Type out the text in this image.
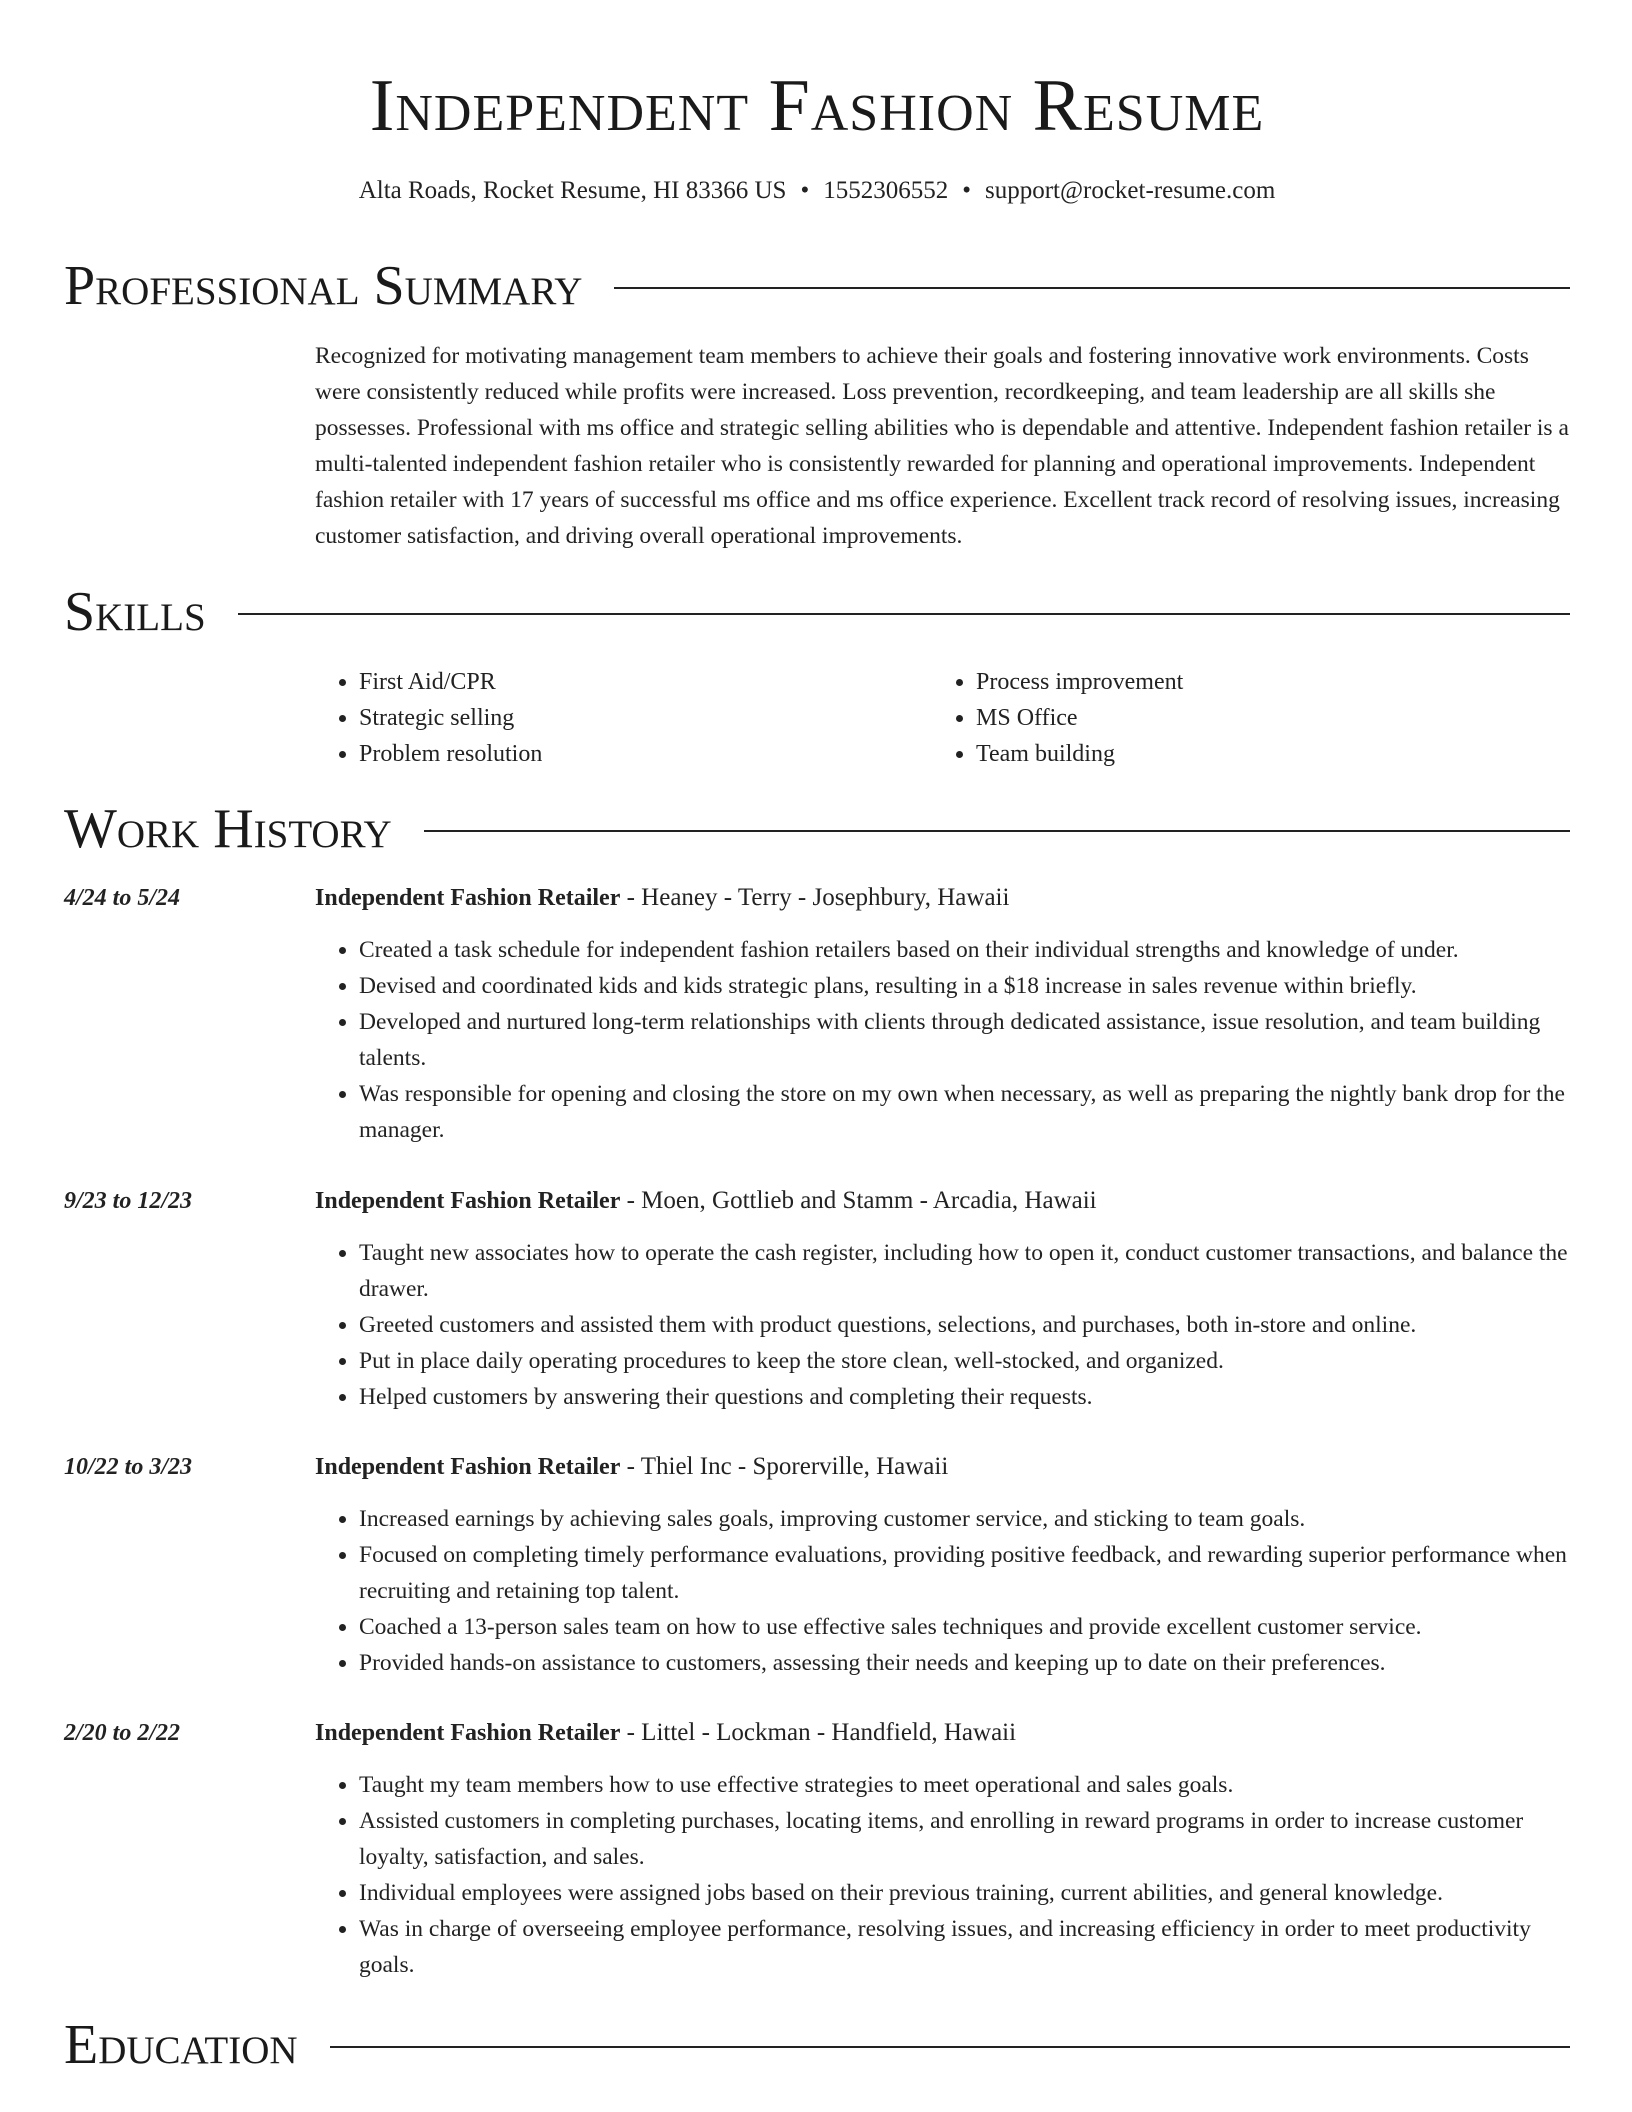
Independent Fashion Resume
Alta Roads, Rocket Resume, HI 83366 US • 1552306552 • support@rocket-resume.com
Professional Summary
Recognized for motivating management team members to achieve their goals and fostering innovative work environments. Costs were consistently reduced while profits were increased. Loss prevention, recordkeeping, and team leadership are all skills she possesses. Professional with ms office and strategic selling abilities who is dependable and attentive. Independent fashion retailer is a multi-talented independent fashion retailer who is consistently rewarded for planning and operational improvements. Independent fashion retailer with 17 years of successful ms office and ms office experience. Excellent track record of resolving issues, increasing customer satisfaction, and driving overall operational improvements.
Skills
• First Aid/CPR
• Strategic selling
• Problem resolution
• Process improvement
• MS Office
• Team building
Work History
4/24 to 5/24	Independent Fashion Retailer - Heaney - Terry - Josephbury, Hawaii
• Created a task schedule for independent fashion retailers based on their individual strengths and knowledge of under.
• Devised and coordinated kids and kids strategic plans, resulting in a $18 increase in sales revenue within briefly.
• Developed and nurtured long-term relationships with clients through dedicated assistance, issue resolution, and team building talents.
• Was responsible for opening and closing the store on my own when necessary, as well as preparing the nightly bank drop for the manager.
9/23 to 12/23	Independent Fashion Retailer - Moen, Gottlieb and Stamm - Arcadia, Hawaii
• Taught new associates how to operate the cash register, including how to open it, conduct customer transactions, and balance the drawer.
• Greeted customers and assisted them with product questions, selections, and purchases, both in-store and online.
• Put in place daily operating procedures to keep the store clean, well-stocked, and organized.
• Helped customers by answering their questions and completing their requests.
10/22 to 3/23	Independent Fashion Retailer - Thiel Inc - Sporerville, Hawaii
• Increased earnings by achieving sales goals, improving customer service, and sticking to team goals.
• Focused on completing timely performance evaluations, providing positive feedback, and rewarding superior performance when recruiting and retaining top talent.
• Coached a 13-person sales team on how to use effective sales techniques and provide excellent customer service.
• Provided hands-on assistance to customers, assessing their needs and keeping up to date on their preferences.
2/20 to 2/22	Independent Fashion Retailer - Littel - Lockman - Handfield, Hawaii
• Taught my team members how to use effective strategies to meet operational and sales goals.
• Assisted customers in completing purchases, locating items, and enrolling in reward programs in order to increase customer loyalty, satisfaction, and sales.
• Individual employees were assigned jobs based on their previous training, current abilities, and general knowledge.
• Was in charge of overseeing employee performance, resolving issues, and increasing efficiency in order to meet productivity goals.
Education
